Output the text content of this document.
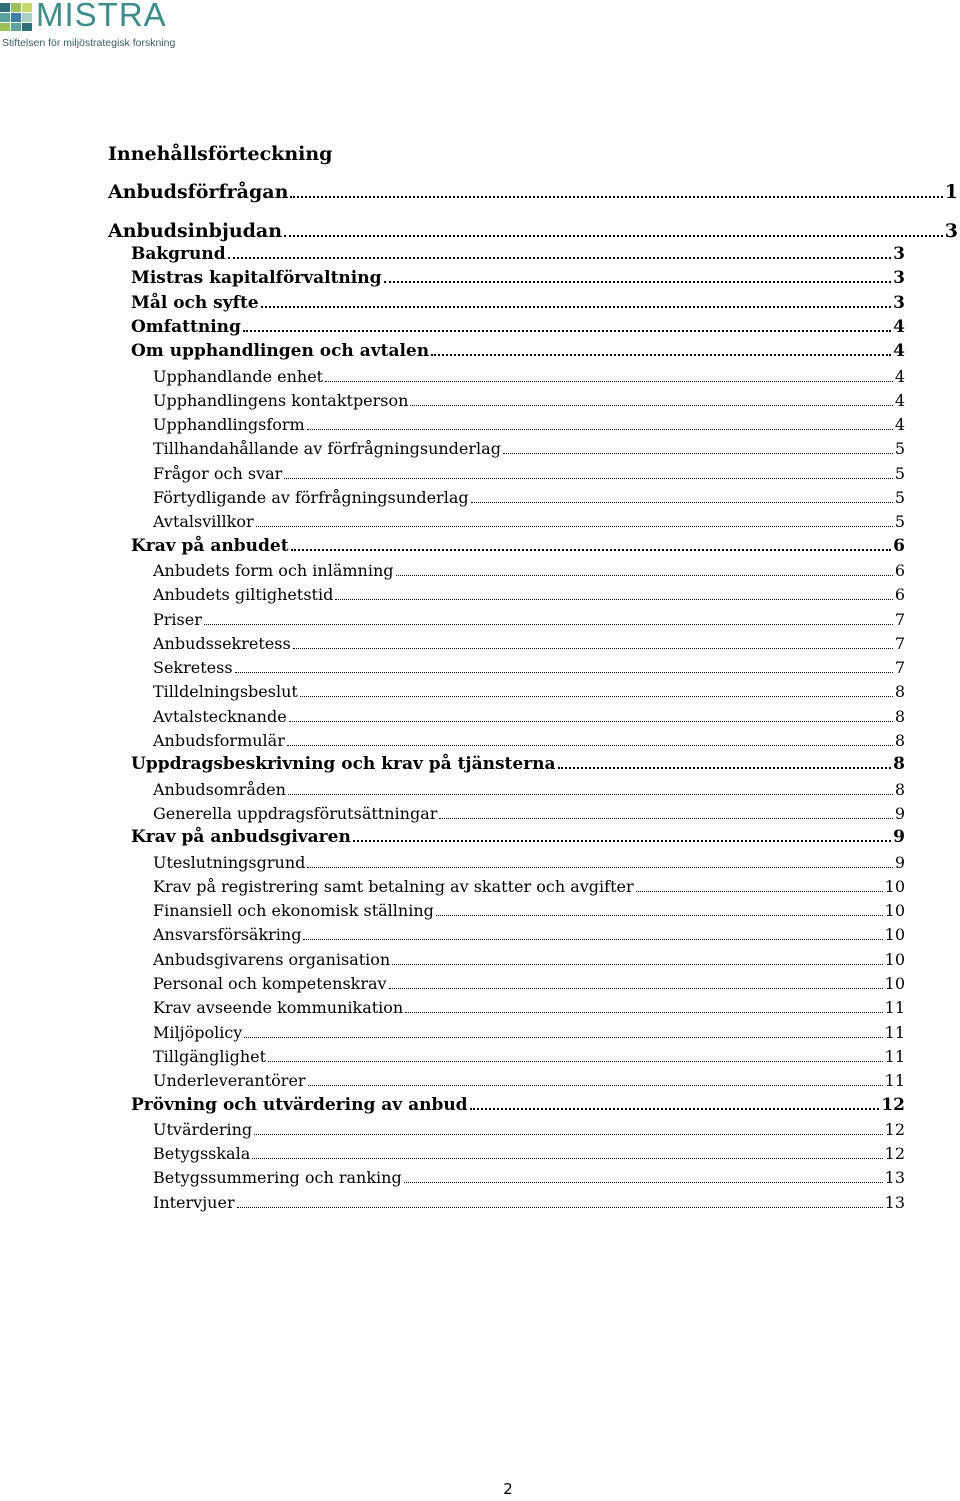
MISTRA
Stiftelsen för miljöstrategisk forskning
Innehållsförteckning
Anbudsförfrågan	1
Anbudsinbjudan	3
Bakgrund	3
Mistras kapitalförvaltning	3
Mål och syfte	3
Omfattning	4
Om upphandlingen och avtalen	4
Upphandlande enhet	4
Upphandlingens kontaktperson	4
Upphandlingsform	4
Tillhandahållande av förfrågningsunderlag	5
Frågor och svar	5
Förtydligande av förfrågningsunderlag	5
Avtalsvillkor	5
Krav på anbudet	6
Anbudets form och inlämning	6
Anbudets giltighetstid	6
Priser	7
Anbudssekretess	7
Sekretess	7
Tilldelningsbeslut	8
Avtalstecknande	8
Anbudsformulär	8
Uppdragsbeskrivning och krav på tjänsterna	8
Anbudsområden	8
Generella uppdragsförutsättningar	9
Krav på anbudsgivaren	9
Uteslutningsgrund	9
Krav på registrering samt betalning av skatter och avgifter	10
Finansiell och ekonomisk ställning	10
Ansvarsförsäkring	10
Anbudsgivarens organisation	10
Personal och kompetenskrav	10
Krav avseende kommunikation	11
Miljöpolicy	11
Tillgänglighet	11
Underleverantörer	11
Prövning och utvärdering av anbud	12
Utvärdering	12
Betygsskala	12
Betygssummering och ranking	13
Intervjuer	13
2
